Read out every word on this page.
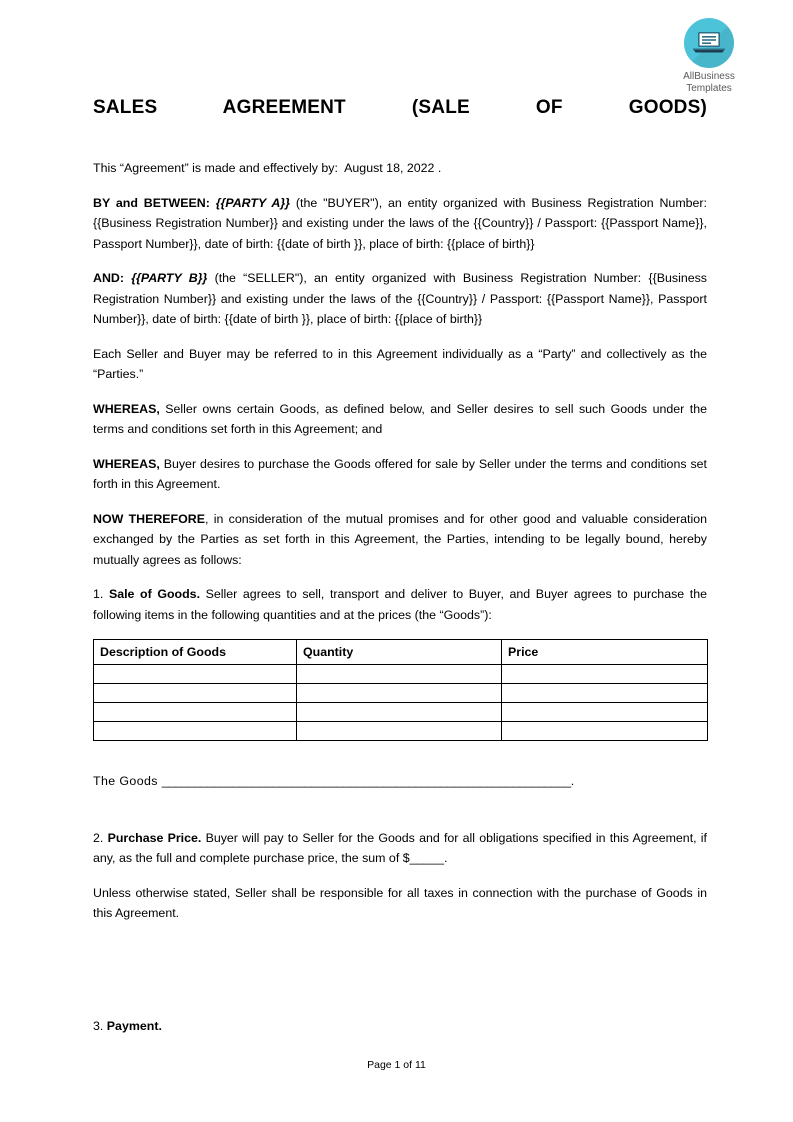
AllBusiness
Templates
SALES AGREEMENT (SALE OF GOODS)

This “Agreement” is made and effectively by: August 18, 2022 .

BY and BETWEEN: {{PARTY A}} (the "BUYER"), an entity organized with Business Registration Number: {{Business Registration Number}} and existing under the laws of the {{Country}} / Passport: {{Passport Name}}, Passport Number}}, date of birth: {{date of birth }}, place of birth: {{place of birth}}

AND: {{PARTY B}} (the “SELLER"), an entity organized with Business Registration Number: {{Business Registration Number}} and existing under the laws of the {{Country}} / Passport: {{Passport Name}}, Passport Number}}, date of birth: {{date of birth }}, place of birth: {{place of birth}}

Each Seller and Buyer may be referred to in this Agreement individually as a “Party” and collectively as the “Parties.”

WHEREAS, Seller owns certain Goods, as defined below, and Seller desires to sell such Goods under the terms and conditions set forth in this Agreement; and

WHEREAS, Buyer desires to purchase the Goods offered for sale by Seller under the terms and conditions set forth in this Agreement.

NOW THEREFORE, in consideration of the mutual promises and for other good and valuable consideration exchanged by the Parties as set forth in this Agreement, the Parties, intending to be legally bound, hereby mutually agrees as follows:

1. Sale of Goods. Seller agrees to sell, transport and deliver to Buyer, and Buyer agrees to purchase the following items in the following quantities and at the prices (the “Goods”):

Description of Goods	Quantity	Price

The Goods _______________________________________________________________.

2. Purchase Price. Buyer will pay to Seller for the Goods and for all obligations specified in this Agreement, if any, as the full and complete purchase price, the sum of $_____.

Unless otherwise stated, Seller shall be responsible for all taxes in connection with the purchase of Goods in this Agreement.

3. Payment.

Page 1 of 11
